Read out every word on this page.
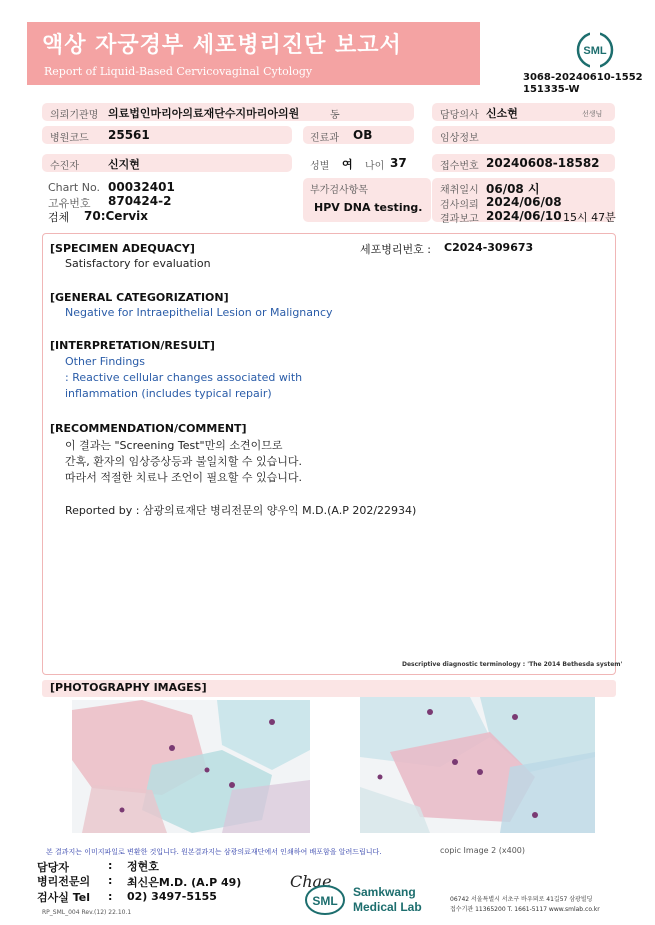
액상 자궁경부 세포병리진단 보고서
Report of Liquid-Based Cervicovaginal Cytology
SML
3068-20240610-1552
151335-W
의뢰기관명 의료법인마리아의료재단수지마리아의원	동	담당의사 신소현	선생님
병원코드 25561	진료과 OB	임상정보
수진자	신지현	성별 여 나이 37	접수번호 20240608-18582
Chart No. 00032401
고유번호 870424-2
검체 70:Cervix
부가검사항목
HPV DNA testing.
채취일시 06/08 시
검사의뢰 2024/06/08
결과보고 2024/06/10 15시 47분
[SPECIMEN ADEQUACY]	세포병리번호 : C2024-309673
Satisfactory for evaluation
[GENERAL CATEGORIZATION]
Negative for Intraepithelial Lesion or Malignancy
[INTERPRETATION/RESULT]
Other Findings
: Reactive cellular changes associated with
inflammation (includes typical repair)
[RECOMMENDATION/COMMENT]
이 결과는 "Screening Test"만의 소견이므로
간혹, 환자의 임상증상등과 불일치할 수 있습니다.
따라서 적절한 치료나 조언이 필요할 수 있습니다.
Reported by : 삼광의료재단 병리전문의 양우익 M.D.(A.P 202/22934)
Descriptive diagnostic terminology : 'The 2014 Bethesda system'
[PHOTOGRAPHY IMAGES]
copic Image 2 (x400)
본 결과지는 이미지파일로 변환한 것입니다. 원본결과지는 삼광의료재단에서 인쇄하여 배포함을 알려드립니다.
담당자	: 정현호
병리전문의 : 최신은M.D. (A.P 49)
검사실 Tel : 02) 3497-5155
RP_SML_004 Rev.(12) 22.10.1
Chae
SML
Samkwang
Medical Lab
06742 서울특별시 서초구 바우뫼로 41길57 삼광빌딩
접수기관 11365200 T. 1661-5117 www.smlab.co.kr
